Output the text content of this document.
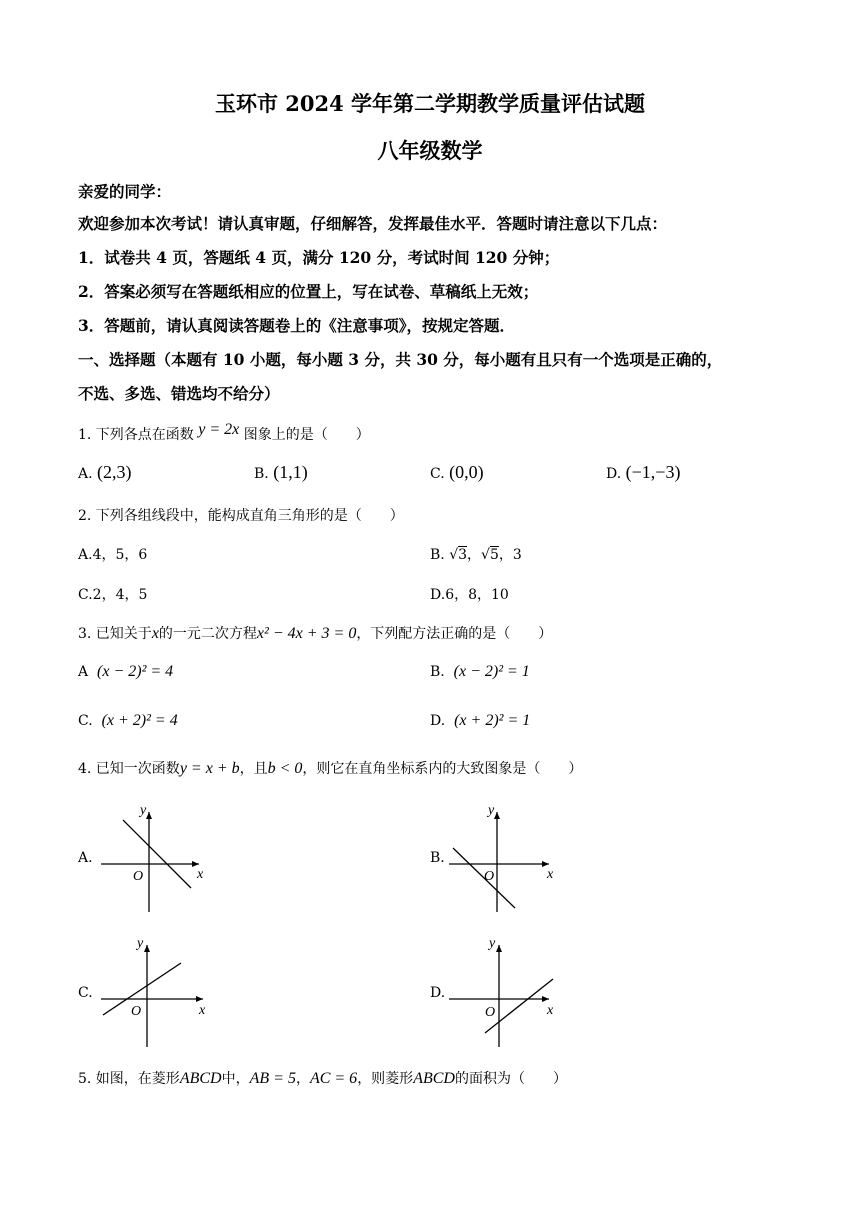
玉环市 2024 学年第二学期教学质量评估试题
八年级数学
亲爱的同学：
欢迎参加本次考试！请认真审题，仔细解答，发挥最佳水平．答题时请注意以下几点：
1．试卷共 4 页，答题纸 4 页，满分 120 分，考试时间 120 分钟；
2．答案必须写在答题纸相应的位置上，写在试卷、草稿纸上无效；
3．答题前，请认真阅读答题卷上的《注意事项》，按规定答题．
一、选择题（本题有 10 小题，每小题 3 分，共 30 分，每小题有且只有一个选项是正确的，
不选、多选、错选均不给分）
1. 下列各点在函数 y = 2x 图象上的是（　　）
A. (2,3)	B. (1,1)	C. (0,0)	D. (−1,−3)
2. 下列各组线段中，能构成直角三角形的是（　　）
A.4，5，6	B. √3，√5，3
C.2，4，5	D.6，8，10
3. 已知关于x的一元二次方程x² − 4x + 3 = 0，下列配方法正确的是（　　）
A (x − 2)² = 4	B. (x − 2)² = 1
C. (x + 2)² = 4	D. (x + 2)² = 1
4. 已知一次函数y = x + b，且b < 0，则它在直角坐标系内的大致图象是（　　）
A.
x
y
O
B.
x
y
O
C.
x
y
O
D.
x
y
O
5. 如图，在菱形ABCD中，AB = 5，AC = 6，则菱形ABCD的面积为（　　）
